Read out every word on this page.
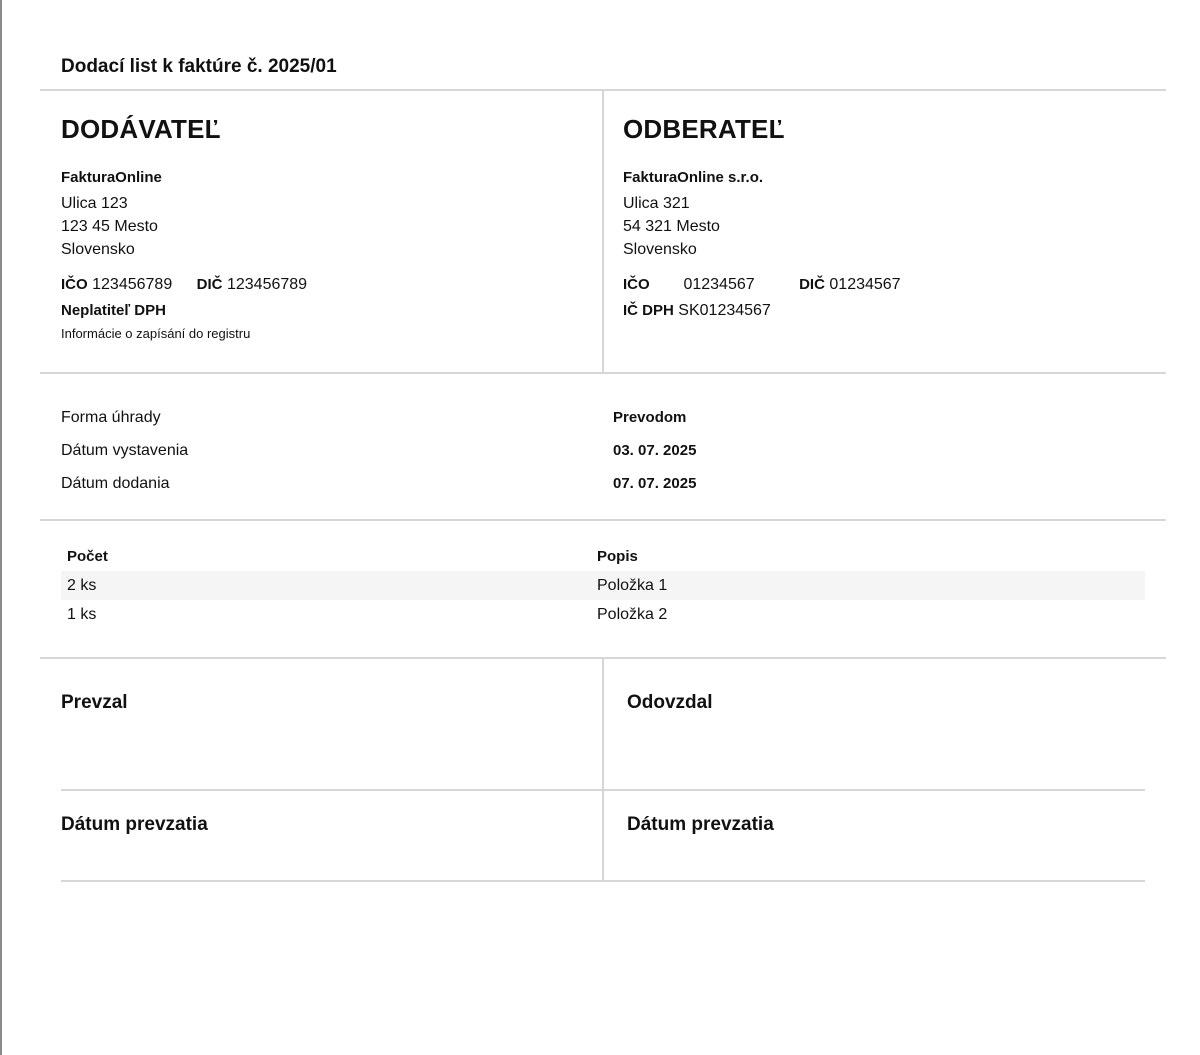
Dodací list k faktúre č. 2025/01
DODÁVATEĽ
FakturaOnline
Ulica 123
123 45 Mesto
Slovensko
IČO 123456789 DIČ 123456789
Neplatiteľ DPH
Informácie o zapísání do registru
ODBERATEĽ
FakturaOnline s.r.o.
Ulica 321
54 321 Mesto
Slovensko
IČO 01234567	DIČ 01234567
IČ DPH SK01234567
Forma úhrady	Prevodom
Dátum vystavenia	03. 07. 2025
Dátum dodania	07. 07. 2025
Počet	Popis
2 ks	Položka 1
1 ks	Položka 2
Prevzal	Odovzdal
Dátum prevzatia	Dátum prevzatia
